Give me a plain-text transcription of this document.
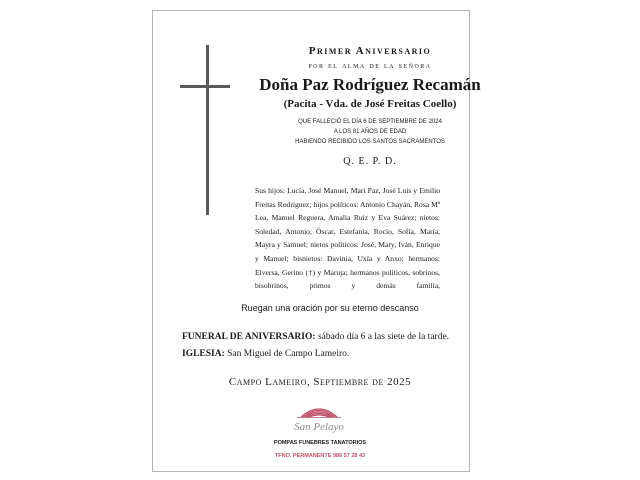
Primer Aniversario
por el alma de la señora
Doña Paz Rodríguez Recamán
(Pacita - Vda. de José Freitas Coello)
QUE FALLECIÓ EL DÍA 6 DE SEPTIEMBRE DE 2024
A LOS 81 AÑOS DE EDAD
HABIENDO RECIBIDO LOS SANTOS SACRAMENTOS
Q. E. P. D.

Sus hijos: Lucía, José Manuel, Mari Paz, José Luis y Emilio Freitas Rodríguez; hijos políticos: Antonio Chayán, Rosa Mª Lea, Manuel Reguera, Amalia Ruiz y Eva Suárez; nietos: Soledad, Antonio, Óscar, Estefanía, Rocío, Sofía, María, Mayra y Samuel; nietos políticos: José, Mary, Iván, Enrique y Manuel; bisnietos: Davinia, Uxía y Anxo; hermanos: Elversa, Gerino (†) y Maruja; hermanos políticos, sobrinos, bisobrinos, primos y demás familia,

Ruegan una oración por su eterno descanso
FUNERAL DE ANIVERSARIO: sábado día 6 a las siete de la tarde.
IGLESIA: San Miguel de Campo Lameiro.
Campo Lameiro, Septiembre de 2025
San Pelayo
POMPAS FUNEBRES TANATORIOS
TFNO. PERMANENTE 986 57 28 43
